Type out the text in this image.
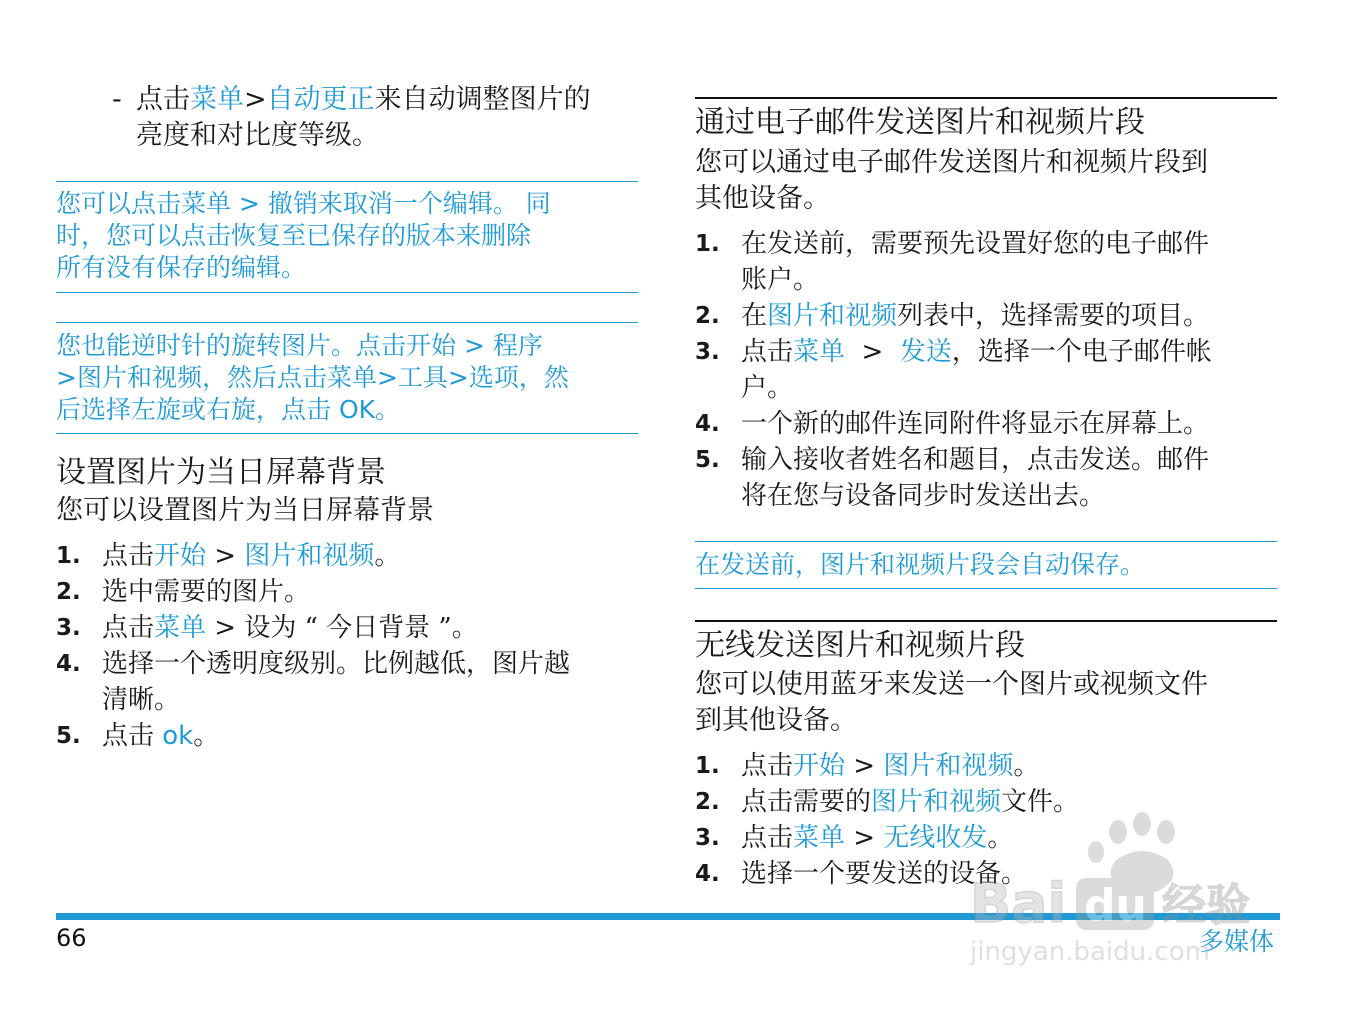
- 点击菜单>自动更正来自动调整图片的
亮度和对比度等级。
您可以点击菜单 > 撤销来取消一个编辑。 同
时，您可以点击恢复至已保存的版本来删除
所有没有保存的编辑。
您也能逆时针的旋转图片。点击开始 > 程序
>图片和视频，然后点击菜单>工具>选项，然
后选择左旋或右旋，点击 OK。
设置图片为当日屏幕背景
您可以设置图片为当日屏幕背景
1. 点击开始 > 图片和视频。
2. 选中需要的图片。
3. 点击菜单 > 设为 “ 今日背景 ”。
4. 选择一个透明度级别。比例越低，图片越
清晰。
5. 点击 ok。
通过电子邮件发送图片和视频片段
您可以通过电子邮件发送图片和视频片段到
其他设备。
1. 在发送前，需要预先设置好您的电子邮件
账户。
2. 在图片和视频列表中，选择需要的项目。
3. 点击菜单  >  发送，选择一个电子邮件帐
户。
4. 一个新的邮件连同附件将显示在屏幕上。
5. 输入接收者姓名和题目，点击发送。邮件
将在您与设备同步时发送出去。
在发送前，图片和视频片段会自动保存。
无线发送图片和视频片段
您可以使用蓝牙来发送一个图片或视频文件
到其他设备。
1. 点击开始 > 图片和视频。
2. 点击需要的图片和视频文件。
3. 点击菜单 > 无线收发。
4. 选择一个要发送的设备。
66	多媒体
Bai du 经验
jingyan.baidu.com
